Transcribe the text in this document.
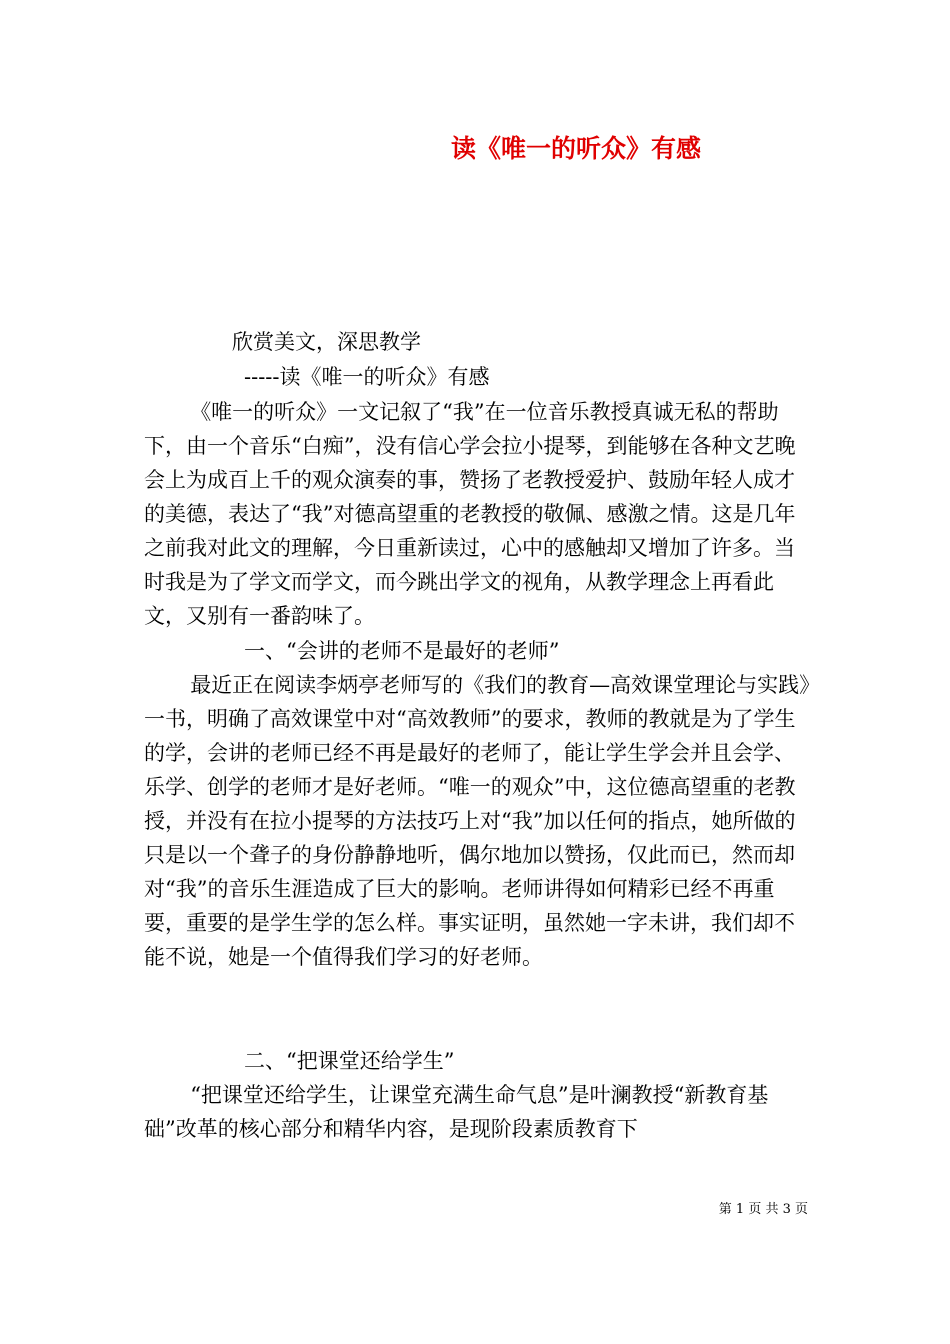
读《唯一的听众》有感
欣赏美文，深思教学
-----读《唯一的听众》有感
《唯一的听众》一文记叙了“我”在一位音乐教授真诚无私的帮助下，由一个音乐“白痴”，没有信心学会拉小提琴，到能够在各种文艺晚会上为成百上千的观众演奏的事，赞扬了老教授爱护、鼓励年轻人成才的美德，表达了“我”对德高望重的老教授的敬佩、感激之情。这是几年之前我对此文的理解，今日重新读过，心中的感触却又增加了许多。当时我是为了学文而学文，而今跳出学文的视角，从教学理念上再看此文，又别有一番韵味了。
一、“会讲的老师不是最好的老师”
最近正在阅读李炳亭老师写的《我们的教育—高效课堂理论与实践》一书，明确了高效课堂中对“高效教师”的要求，教师的教就是为了学生的学，会讲的老师已经不再是最好的老师了，能让学生学会并且会学、乐学、创学的老师才是好老师。“唯一的观众”中，这位德高望重的老教授，并没有在拉小提琴的方法技巧上对“我”加以任何的指点，她所做的只是以一个聋子的身份静静地听，偶尔地加以赞扬，仅此而已，然而却对“我”的音乐生涯造成了巨大的影响。老师讲得如何精彩已经不再重要，重要的是学生学的怎么样。事实证明，虽然她一字未讲，我们却不能不说，她是一个值得我们学习的好老师。
二、“把课堂还给学生”
“把课堂还给学生，让课堂充满生命气息”是叶澜教授“新教育基础”改革的核心部分和精华内容，是现阶段素质教育下
第 1 页 共 3 页
